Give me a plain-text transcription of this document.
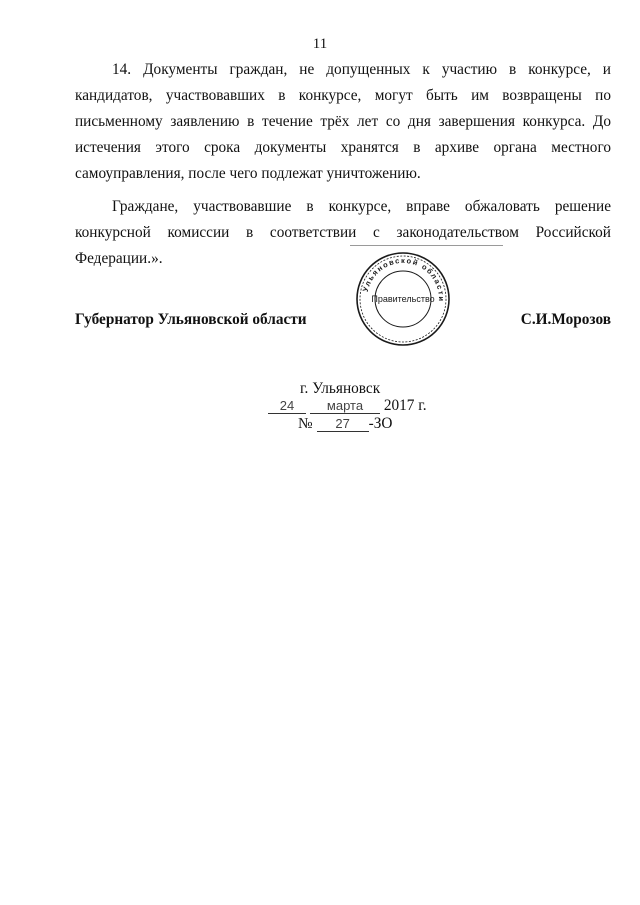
11

14. Документы граждан, не допущенных к участию в конкурсе, и кандидатов, участвовавших в конкурсе, могут быть им возвращены по письменному заявлению в течение трёх лет со дня завершения конкурса. До истечения этого срока документы хранятся в архиве органа местного самоуправления, после чего подлежат уничтожению.

Граждане, участвовавшие в конкурсе, вправе обжаловать решение конкурсной комиссии в соответствии с законодательством Российской Федерации.».

Губернатор Ульяновской области	С.И.Морозов
Ульяновской области
Правительство
г. Ульяновск
24	марта 2017 г.
№ 27 -ЗО
